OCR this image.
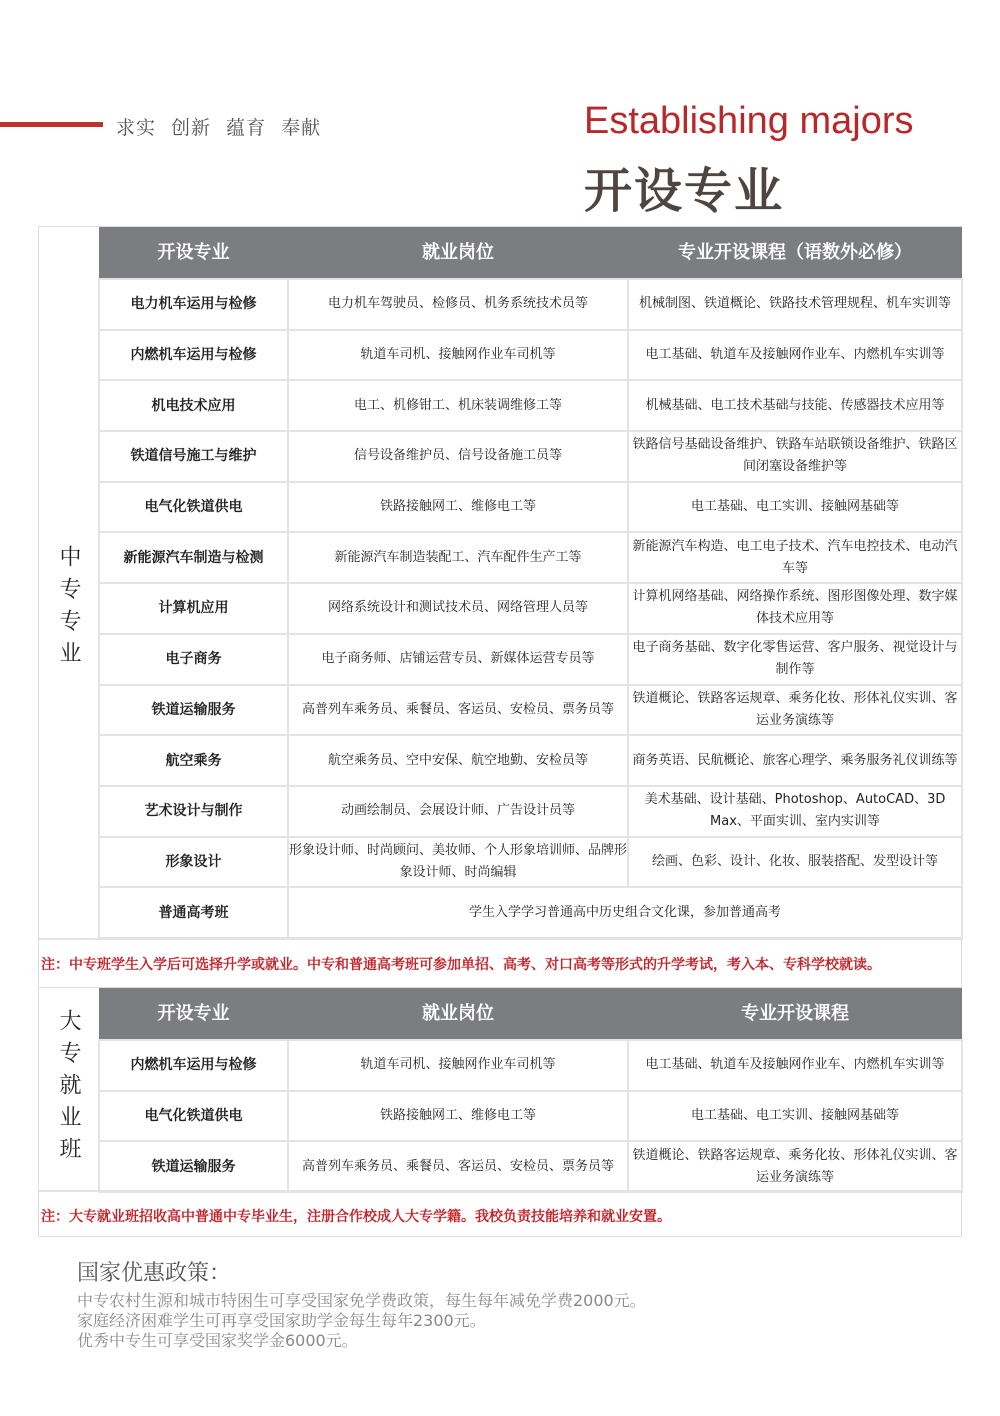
求实 创新 蕴育 奉献	Establishing majors
开设专业
中专专业
开设专业	就业岗位	专业开设课程（语数外必修）
电力机车运用与检修	电力机车驾驶员、检修员、机务系统技术员等	机械制图、铁道概论、铁路技术管理规程、机车实训等
内燃机车运用与检修	轨道车司机、接触网作业车司机等	电工基础、轨道车及接触网作业车、内燃机车实训等
机电技术应用	电工、机修钳工、机床装调维修工等	机械基础、电工技术基础与技能、传感器技术应用等
铁道信号施工与维护	信号设备维护员、信号设备施工员等	铁路信号基础设备维护、铁路车站联锁设备维护、铁路区间闭塞设备维护等
电气化铁道供电	铁路接触网工、维修电工等	电工基础、电工实训、接触网基础等
新能源汽车制造与检测	新能源汽车制造装配工、汽车配件生产工等	新能源汽车构造、电工电子技术、汽车电控技术、电动汽车等
计算机应用	网络系统设计和测试技术员、网络管理人员等	计算机网络基础、网络操作系统、图形图像处理、数字媒体技术应用等
电子商务	电子商务师、店铺运营专员、新媒体运营专员等	电子商务基础、数字化零售运营、客户服务、视觉设计与制作等
铁道运输服务	高普列车乘务员、乘餐员、客运员、安检员、票务员等	铁道概论、铁路客运规章、乘务化妆、形体礼仪实训、客运业务演练等
航空乘务	航空乘务员、空中安保、航空地勤、安检员等	商务英语、民航概论、旅客心理学、乘务服务礼仪训练等
艺术设计与制作	动画绘制员、会展设计师、广告设计员等	美术基础、设计基础、Photoshop、AutoCAD、3D Max、平面实训、室内实训等
形象设计	形象设计师、时尚顾问、美妆师、个人形象培训师、品牌形象设计师、时尚编辑	绘画、色彩、设计、化妆、服装搭配、发型设计等
普通高考班	学生入学学习普通高中历史组合文化课，参加普通高考	
注：中专班学生入学后可选择升学或就业。中专和普通高考班可参加单招、高考、对口高考等形式的升学考试，考入本、专科学校就读。
大专就业班	开设专业	就业岗位	专业开设课程
内燃机车运用与检修	轨道车司机、接触网作业车司机等	电工基础、轨道车及接触网作业车、内燃机车实训等
电气化铁道供电	铁路接触网工、维修电工等	电工基础、电工实训、接触网基础等
铁道运输服务	高普列车乘务员、乘餐员、客运员、安检员、票务员等	铁道概论、铁路客运规章、乘务化妆、形体礼仪实训、客运业务演练等
注：大专就业班招收高中普通中专毕业生，注册合作校成人大专学籍。我校负责技能培养和就业安置。
国家优惠政策：

中专农村生源和城市特困生可享受国家免学费政策，每生每年减免学费2000元。

家庭经济困难学生可再享受国家助学金每生每年2300元。

优秀中专生可享受国家奖学金6000元。
